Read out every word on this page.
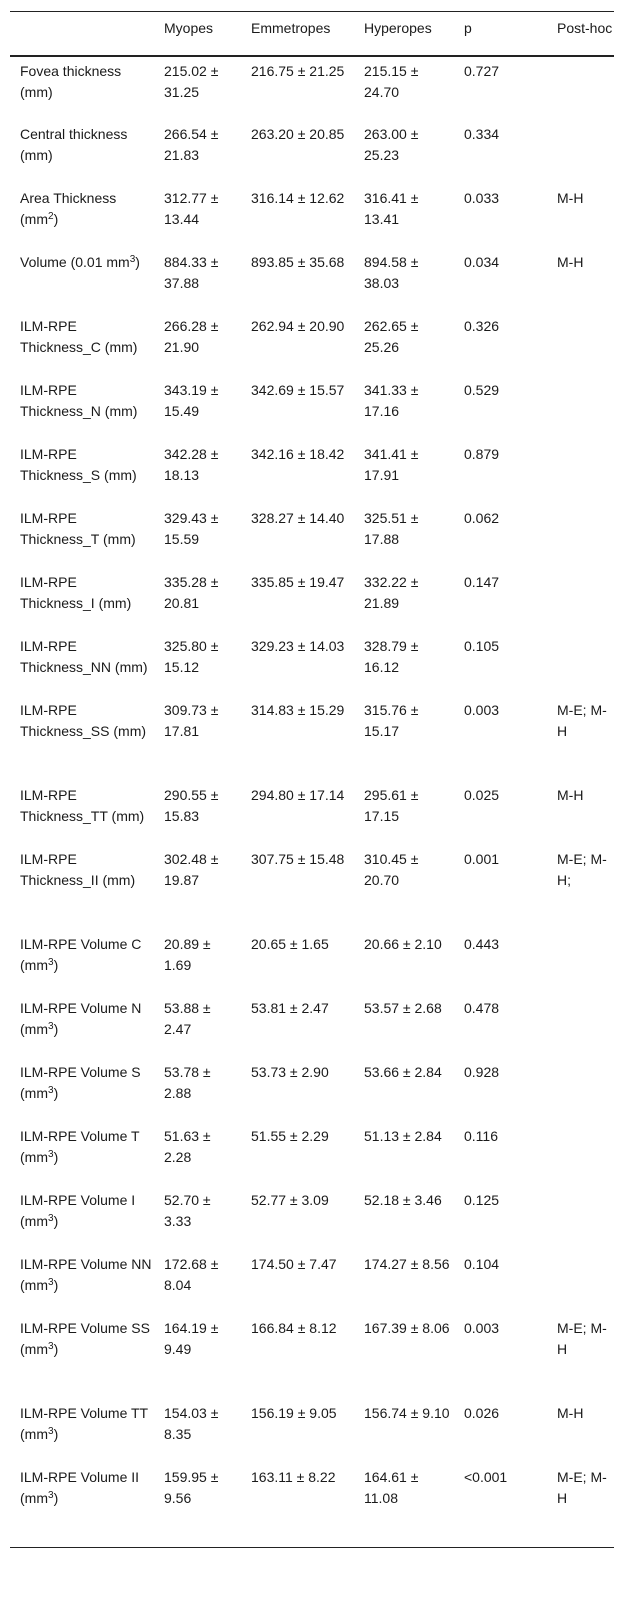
	Myopes	Emmetropes	Hyperopes	p	Post-hoc
Fovea thickness (mm)	215.02 ± 31.25	216.75 ± 21.25	215.15 ± 24.70	0.727	
Central thickness (mm)	266.54 ± 21.83	263.20 ± 20.85	263.00 ± 25.23	0.334	
Area Thickness $(mm^2)$	312.77 ± 13.44	316.14 ± 12.62	316.41 ± 13.41	0.033	M-H
Volume (0.01 $mm^3$)	884.33 ± 37.88	893.85 ± 35.68	894.58 ± 38.03	0.034	M-H
ILM-RPE Thickness_C (mm)	266.28 ± 21.90	262.94 ± 20.90	262.65 ± 25.26	0.326	
ILM-RPE Thickness_N (mm)	343.19 ± 15.49	342.69 ± 15.57	341.33 ± 17.16	0.529	
ILM-RPE Thickness_S (mm)	342.28 ± 18.13	342.16 ± 18.42	341.41 ± 17.91	0.879	
ILM-RPE Thickness_T (mm)	329.43 ± 15.59	328.27 ± 14.40	325.51 ± 17.88	0.062	
ILM-RPE Thickness_I (mm)	335.28 ± 20.81	335.85 ± 19.47	332.22 ± 21.89	0.147	
ILM-RPE Thickness_NN (mm)	325.80 ± 15.12	329.23 ± 14.03	328.79 ± 16.12	0.105	
ILM-RPE Thickness_SS (mm)	309.73 ± 17.81	314.83 ± 15.29	315.76 ± 15.17	0.003	M-E; M-H
ILM-RPE Thickness_TT (mm)	290.55 ± 15.83	294.80 ± 17.14	295.61 ± 17.15	0.025	M-H
ILM-RPE Thickness_II (mm)	302.48 ± 19.87	307.75 ± 15.48	310.45 ± 20.70	0.001	M-E; M-H;
ILM-RPE Volume C $(mm^3)$	20.89 ± 1.69	20.65 ± 1.65	20.66 ± 2.10	0.443	
ILM-RPE Volume N $(mm^3)$	53.88 ± 2.47	53.81 ± 2.47	53.57 ± 2.68	0.478	
ILM-RPE Volume S $(mm^3)$	53.78 ± 2.88	53.73 ± 2.90	53.66 ± 2.84	0.928	
ILM-RPE Volume T $(mm^3)$	51.63 ± 2.28	51.55 ± 2.29	51.13 ± 2.84	0.116	
ILM-RPE Volume I $(mm^3)$	52.70 ± 3.33	52.77 ± 3.09	52.18 ± 3.46	0.125	
ILM-RPE Volume NN $(mm^3)$	172.68 ± 8.04	174.50 ± 7.47	174.27 ± 8.56	0.104	
ILM-RPE Volume SS $(mm^3)$	164.19 ± 9.49	166.84 ± 8.12	167.39 ± 8.06	0.003	M-E; M-H
ILM-RPE Volume TT $(mm^3)$	154.03 ± 8.35	156.19 ± 9.05	156.74 ± 9.10	0.026	M-H
ILM-RPE Volume II $(mm^3)$	159.95 ± 9.56	163.11 ± 8.22	164.61 ± 11.08	<0.001	M-E; M-H
